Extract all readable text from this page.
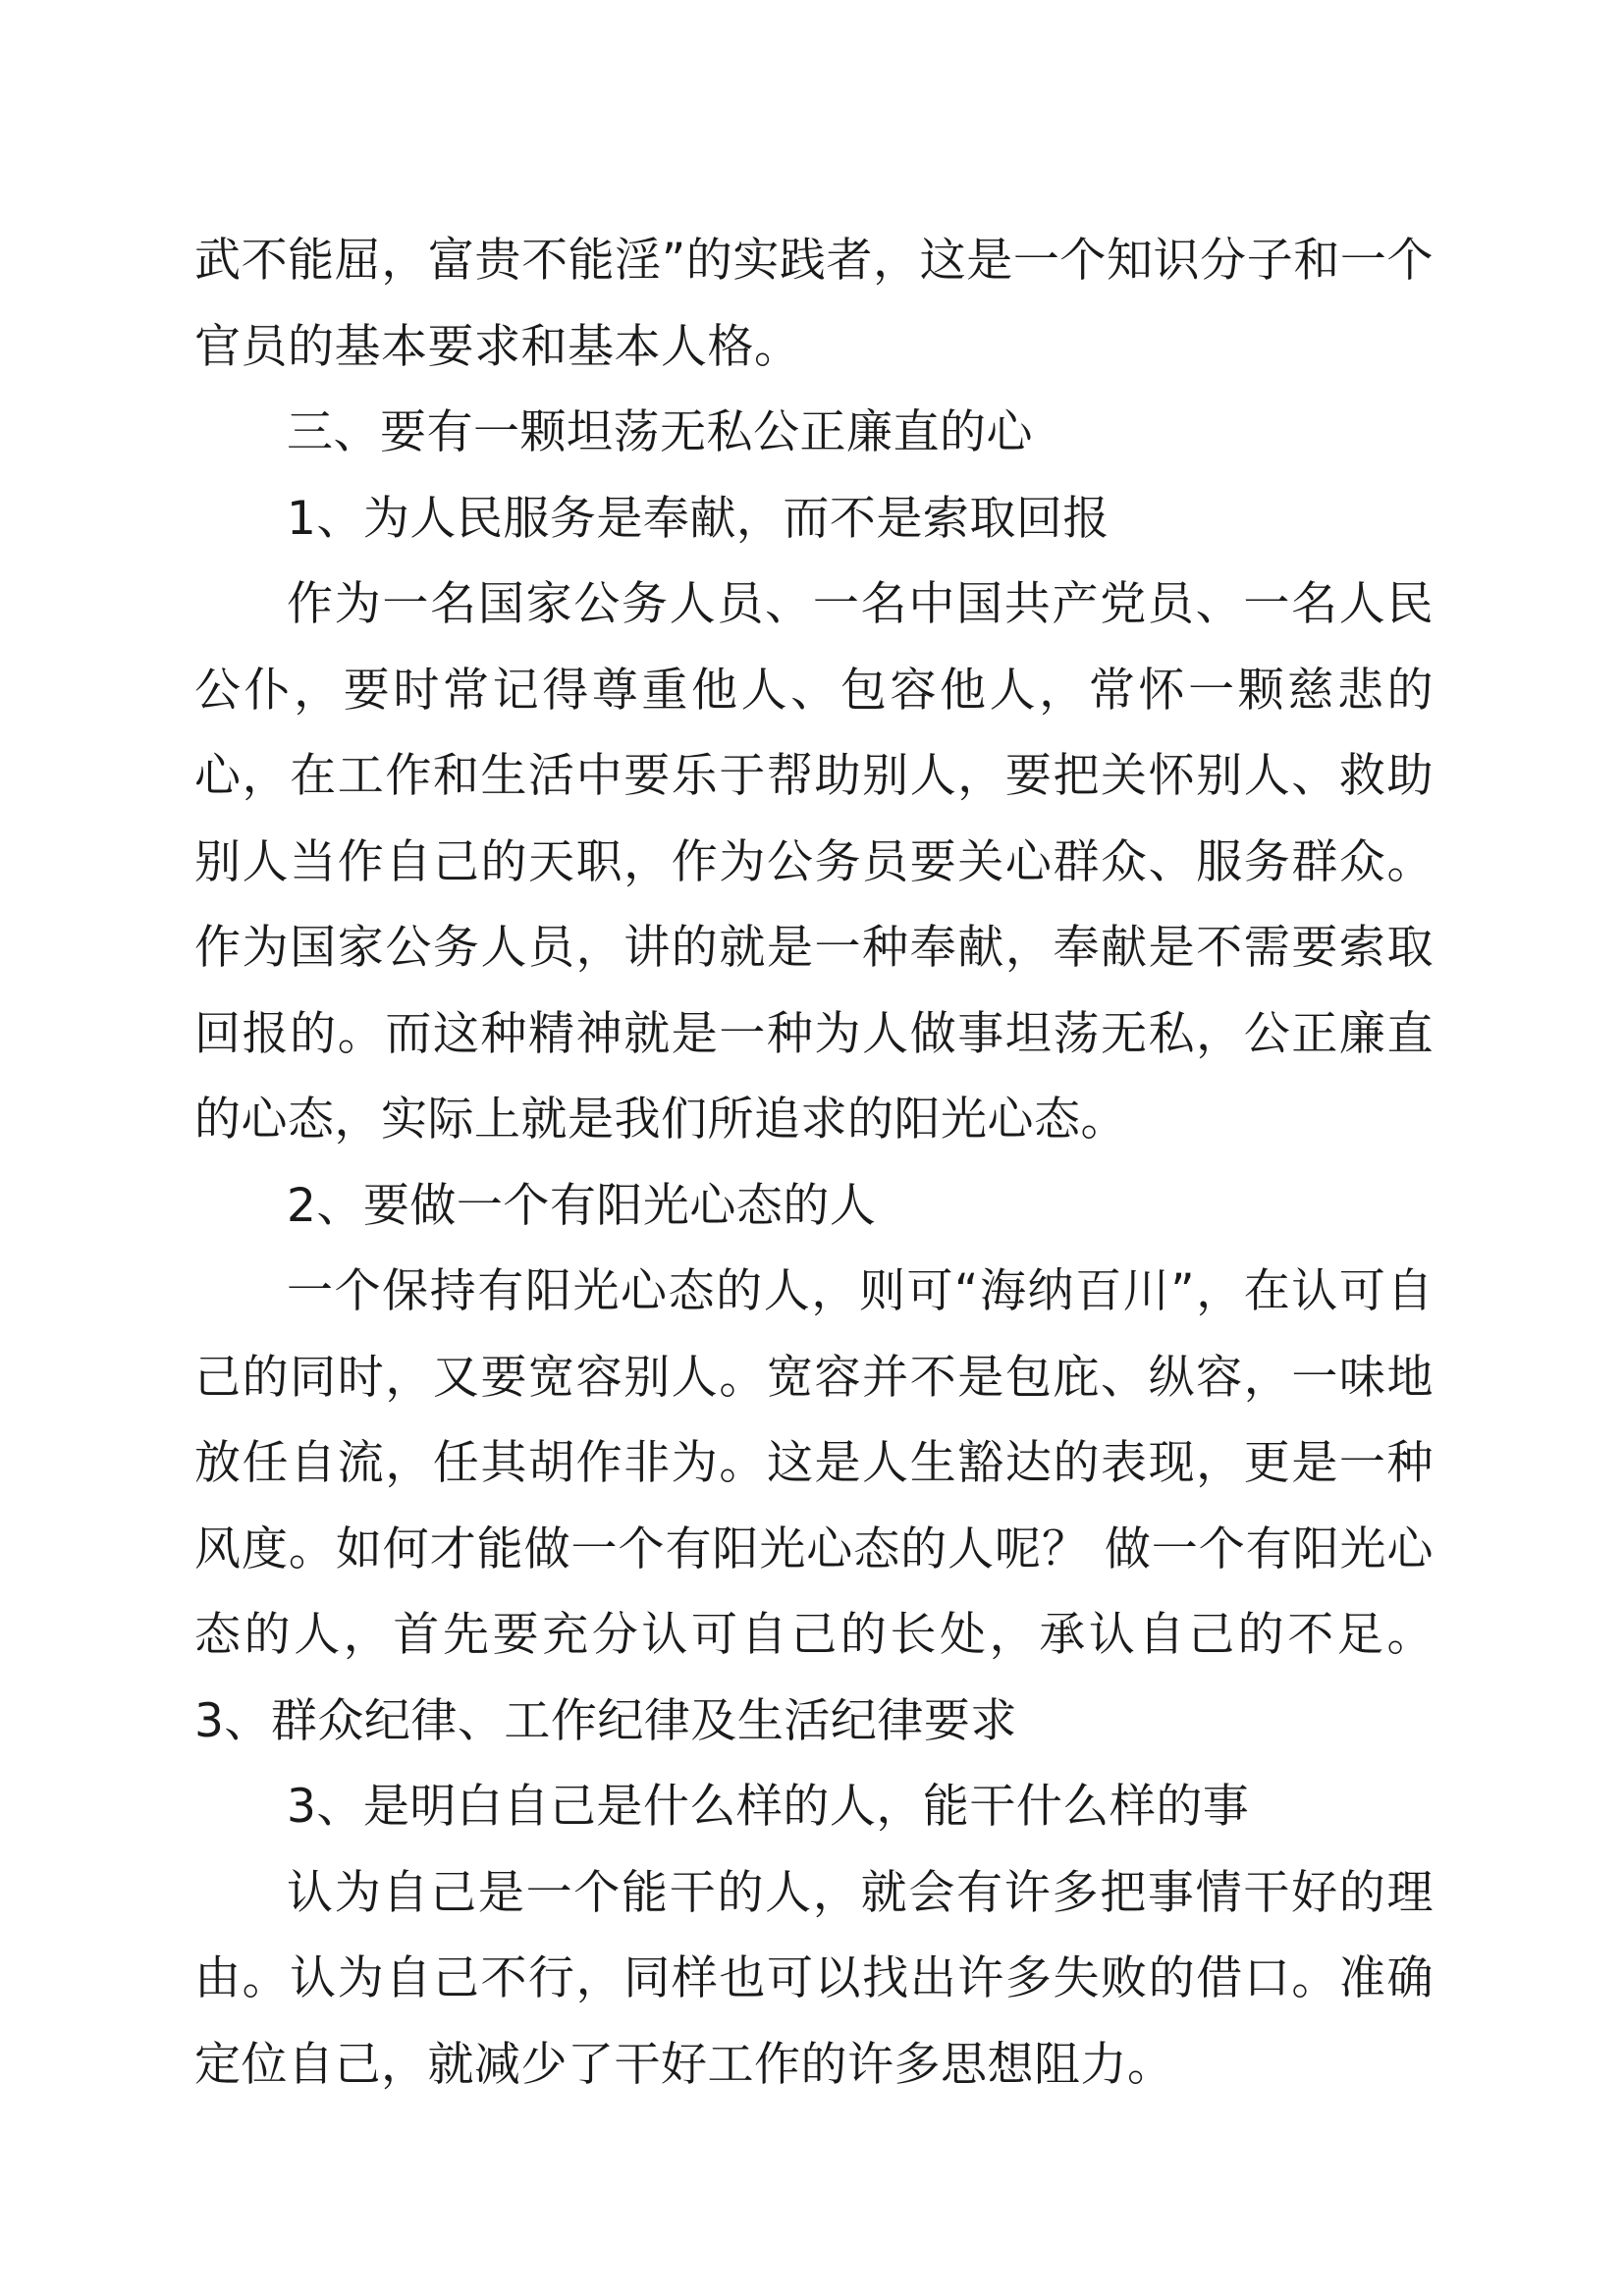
武不能屈，富贵不能淫”的实践者，这是一个知识分子和一个官员的基本要求和基本人格。

三、要有一颗坦荡无私公正廉直的心

1、为人民服务是奉献，而不是索取回报

作为一名国家公务人员、一名中国共产党员、一名人民公仆，要时常记得尊重他人、包容他人，常怀一颗慈悲的心，在工作和生活中要乐于帮助别人，要把关怀别人、救助别人当作自己的天职，作为公务员要关心群众、服务群众。作为国家公务人员，讲的就是一种奉献，奉献是不需要索取回报的。而这种精神就是一种为人做事坦荡无私，公正廉直的心态，实际上就是我们所追求的阳光心态。

2、要做一个有阳光心态的人

一个保持有阳光心态的人，则可“海纳百川”，在认可自己的同时，又要宽容别人。宽容并不是包庇、纵容，一味地放任自流，任其胡作非为。这是人生豁达的表现，更是一种风度。如何才能做一个有阳光心态的人呢？ 做一个有阳光心态的人，首先要充分认可自己的长处，承认自己的不足。3、群众纪律、工作纪律及生活纪律要求

3、是明白自己是什么样的人，能干什么样的事

认为自己是一个能干的人，就会有许多把事情干好的理由。认为自己不行，同样也可以找出许多失败的借口。准确定位自己，就减少了干好工作的许多思想阻力。
